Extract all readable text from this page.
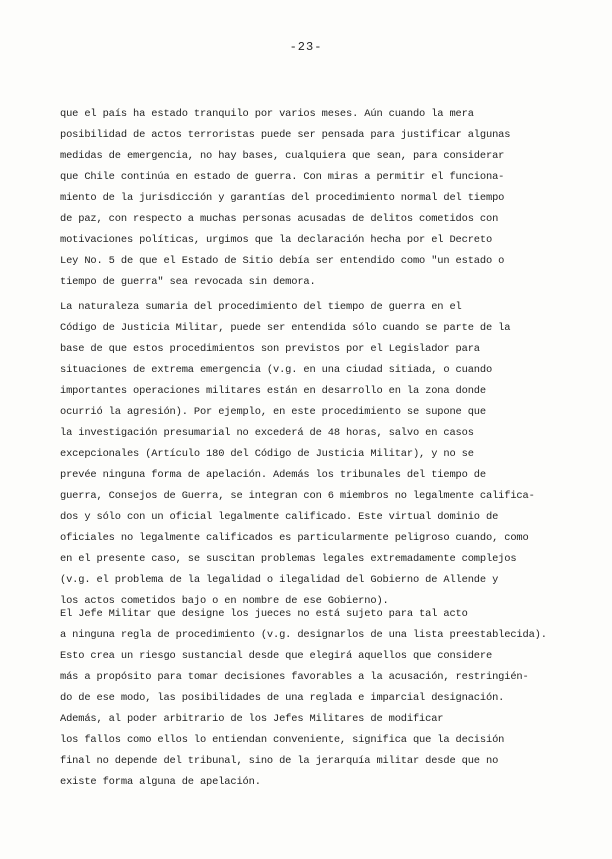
-23-
que el país ha estado tranquilo por varios meses. Aún cuando la mera
posibilidad de actos terroristas puede ser pensada para justificar algunas
medidas de emergencia, no hay bases, cualquiera que sean, para considerar
que Chile continúa en estado de guerra. Con miras a permitir el funciona-
miento de la jurisdicción y garantías del procedimiento normal del tiempo
de paz, con respecto a muchas personas acusadas de delitos cometidos con
motivaciones políticas, urgimos que la declaración hecha por el Decreto
Ley No. 5 de que el Estado de Sitio debía ser entendido como "un estado o
tiempo de guerra" sea revocada sin demora.
La naturaleza sumaria del procedimiento del tiempo de guerra en el
Código de Justicia Militar, puede ser entendida sólo cuando se parte de la
base de que estos procedimientos son previstos por el Legislador para
situaciones de extrema emergencia (v.g. en una ciudad sitiada, o cuando
importantes operaciones militares están en desarrollo en la zona donde
ocurrió la agresión). Por ejemplo, en este procedimiento se supone que
la investigación presumarial no excederá de 48 horas, salvo en casos
excepcionales (Artículo 180 del Código de Justicia Militar), y no se
prevée ninguna forma de apelación. Además los tribunales del tiempo de
guerra, Consejos de Guerra, se integran con 6 miembros no legalmente califica-
dos y sólo con un oficial legalmente calificado. Este virtual dominio de
oficiales no legalmente calificados es particularmente peligroso cuando, como
en el presente caso, se suscitan problemas legales extremadamente complejos
(v.g. el problema de la legalidad o ilegalidad del Gobierno de Allende y
los actos cometidos bajo o en nombre de ese Gobierno).
El Jefe Militar que designe los jueces no está sujeto para tal acto
a ninguna regla de procedimiento (v.g. designarlos de una lista preestablecida).
Esto crea un riesgo sustancial desde que elegirá aquellos que considere
más a propósito para tomar decisiones favorables a la acusación, restringién-
do de ese modo, las posibilidades de una reglada e imparcial designación.
Además, al poder arbitrario de los Jefes Militares de modificar
los fallos como ellos lo entiendan conveniente, significa que la decisión
final no depende del tribunal, sino de la jerarquía militar desde que no
existe forma alguna de apelación.
